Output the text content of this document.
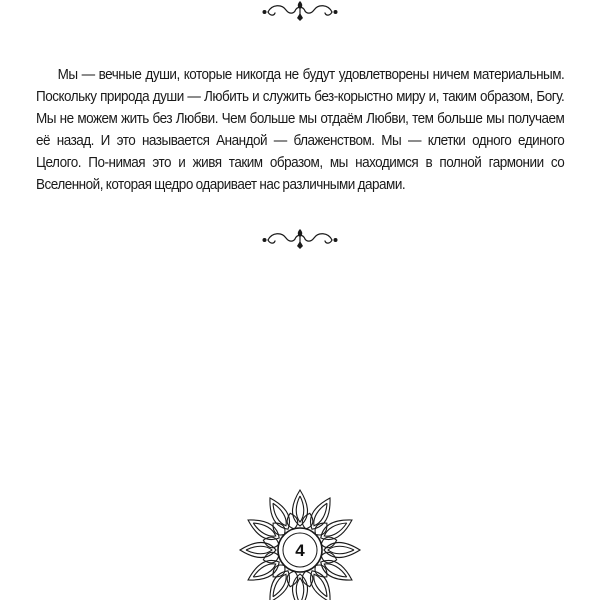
Мы — вечные души, которые никогда не будут удовлетворены ничем материальным. Поскольку природа души — Любить и служить без-корыстно миру и, таким образом, Богу. Мы не можем жить без Любви. Чем больше мы отдаём Любви, тем больше мы получаем её назад. И это называется Анандой — блаженством. Мы — клетки одного единого Целого. По-нимая это и живя таким образом, мы находимся в полной гармонии со Вселенной, которая щедро одаривает нас различными дарами.

4
